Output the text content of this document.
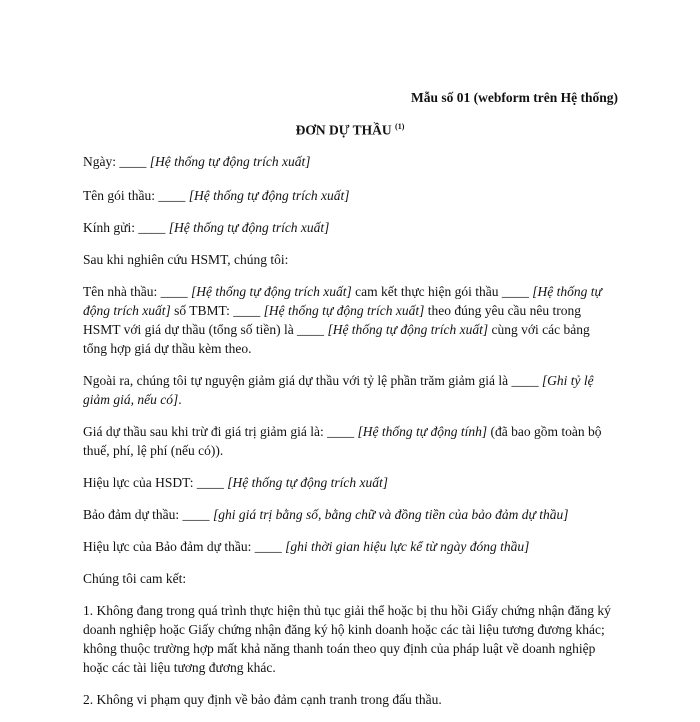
Mẫu số 01 (webform trên Hệ thống)
ĐƠN DỰ THẦU $^{(1)}$

Ngày: ____ [Hệ thống tự động trích xuất]

Tên gói thầu: ____ [Hệ thống tự động trích xuất]

Kính gửi: ____ [Hệ thống tự động trích xuất]

Sau khi nghiên cứu HSMT, chúng tôi:

Tên nhà thầu: ____ [Hệ thống tự động trích xuất] cam kết thực hiện gói thầu ____ [Hệ thống tự động trích xuất] số TBMT: ____ [Hệ thống tự động trích xuất] theo đúng yêu cầu nêu trong HSMT với giá dự thầu (tổng số tiền) là ____ [Hệ thống tự động trích xuất] cùng với các bảng tổng hợp giá dự thầu kèm theo.

Ngoài ra, chúng tôi tự nguyện giảm giá dự thầu với tỷ lệ phần trăm giảm giá là ____ [Ghi tỷ lệ giảm giá, nếu có].

Giá dự thầu sau khi trừ đi giá trị giảm giá là: ____ [Hệ thống tự động tính] (đã bao gồm toàn bộ thuế, phí, lệ phí (nếu có)).

Hiệu lực của HSDT: ____ [Hệ thống tự động trích xuất]

Bảo đảm dự thầu: ____ [ghi giá trị bằng số, bằng chữ và đồng tiền của bảo đảm dự thầu]

Hiệu lực của Bảo đảm dự thầu: ____ [ghi thời gian hiệu lực kể từ ngày đóng thầu]

Chúng tôi cam kết:

1. Không đang trong quá trình thực hiện thủ tục giải thể hoặc bị thu hồi Giấy chứng nhận đăng ký doanh nghiệp hoặc Giấy chứng nhận đăng ký hộ kinh doanh hoặc các tài liệu tương đương khác; không thuộc trường hợp mất khả năng thanh toán theo quy định của pháp luật về doanh nghiệp hoặc các tài liệu tương đương khác.

2. Không vi phạm quy định về bảo đảm cạnh tranh trong đấu thầu.
